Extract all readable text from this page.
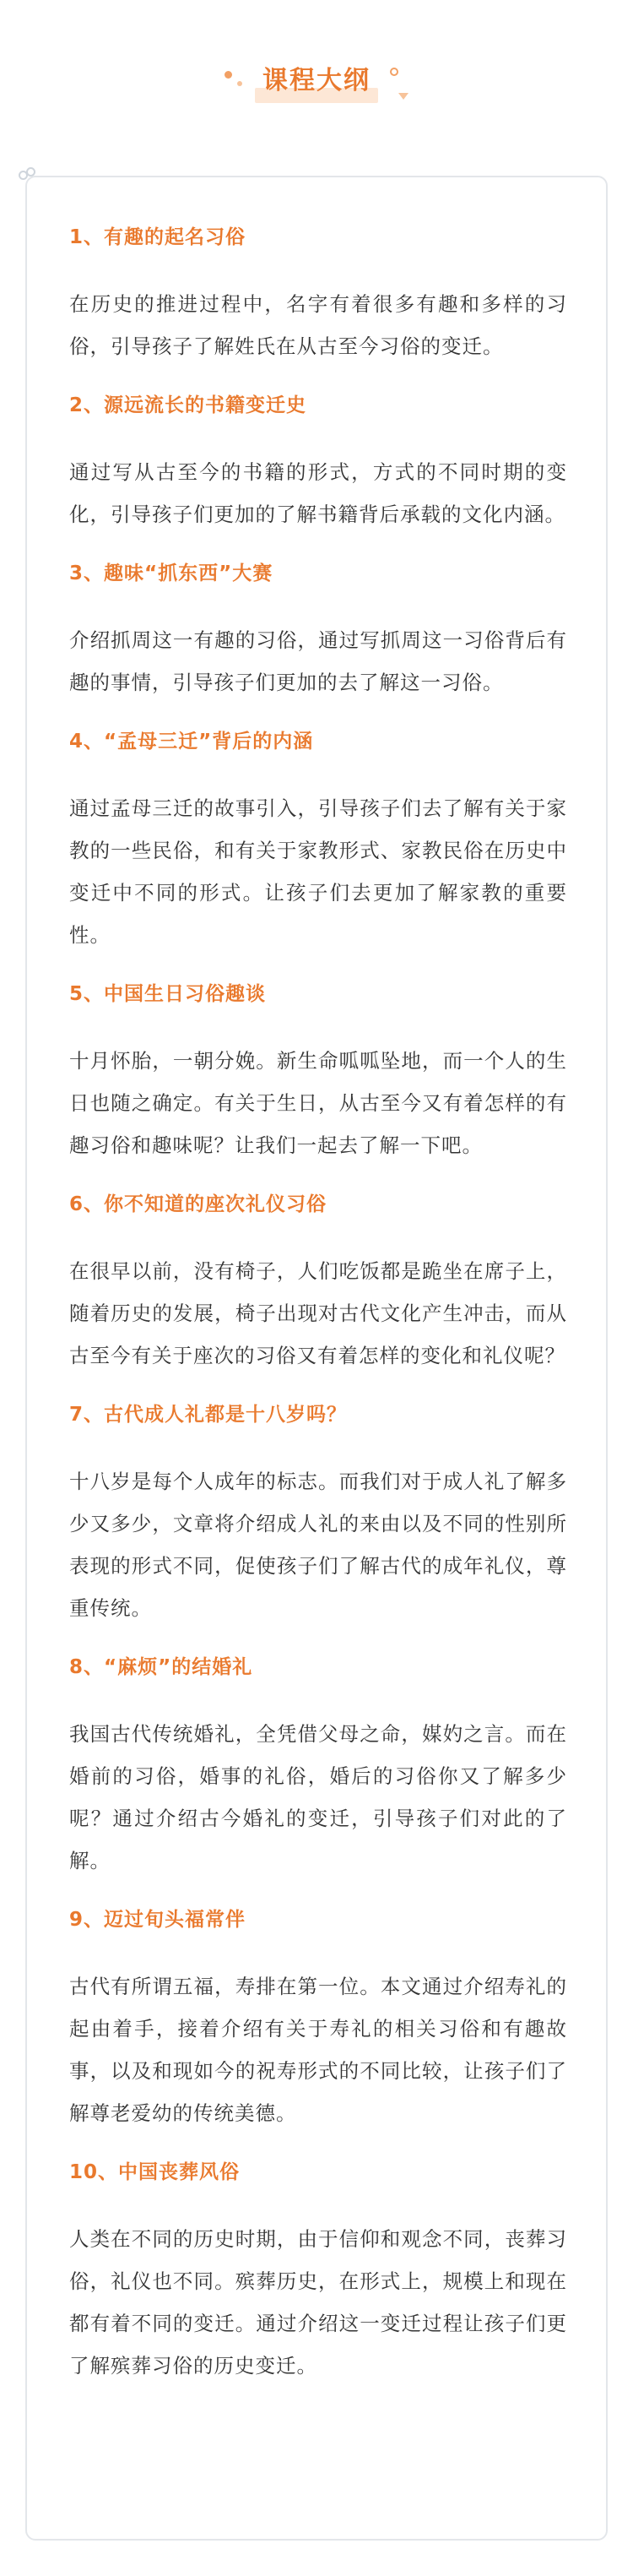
课程大纲
1、有趣的起名习俗

在历史的推进过程中，名字有着很多有趣和多样的习俗，引导孩子了解姓氏在从古至今习俗的变迁。

2、源远流长的书籍变迁史

通过写从古至今的书籍的形式，方式的不同时期的变化，引导孩子们更加的了解书籍背后承载的文化内涵。

3、趣味“抓东西”大赛

介绍抓周这一有趣的习俗，通过写抓周这一习俗背后有趣的事情，引导孩子们更加的去了解这一习俗。

4、“孟母三迁”背后的内涵

通过孟母三迁的故事引入，引导孩子们去了解有关于家教的一些民俗，和有关于家教形式、家教民俗在历史中变迁中不同的形式。让孩子们去更加了解家教的重要性。

5、中国生日习俗趣谈

十月怀胎，一朝分娩。新生命呱呱坠地，而一个人的生日也随之确定。有关于生日，从古至今又有着怎样的有趣习俗和趣味呢？让我们一起去了解一下吧。

6、你不知道的座次礼仪习俗

在很早以前，没有椅子，人们吃饭都是跪坐在席子上，随着历史的发展，椅子出现对古代文化产生冲击，而从古至今有关于座次的习俗又有着怎样的变化和礼仪呢？

7、古代成人礼都是十八岁吗？

十八岁是每个人成年的标志。而我们对于成人礼了解多少又多少，文章将介绍成人礼的来由以及不同的性别所表现的形式不同，促使孩子们了解古代的成年礼仪，尊重传统。

8、“麻烦”的结婚礼

我国古代传统婚礼，全凭借父母之命，媒妁之言。而在婚前的习俗，婚事的礼俗，婚后的习俗你又了解多少呢？通过介绍古今婚礼的变迁，引导孩子们对此的了解。

9、迈过旬头福常伴

古代有所谓五福，寿排在第一位。本文通过介绍寿礼的起由着手，接着介绍有关于寿礼的相关习俗和有趣故事，以及和现如今的祝寿形式的不同比较，让孩子们了解尊老爱幼的传统美德。

10、中国丧葬风俗

人类在不同的历史时期，由于信仰和观念不同，丧葬习俗，礼仪也不同。殡葬历史，在形式上，规模上和现在都有着不同的变迁。通过介绍这一变迁过程让孩子们更了解殡葬习俗的历史变迁。
